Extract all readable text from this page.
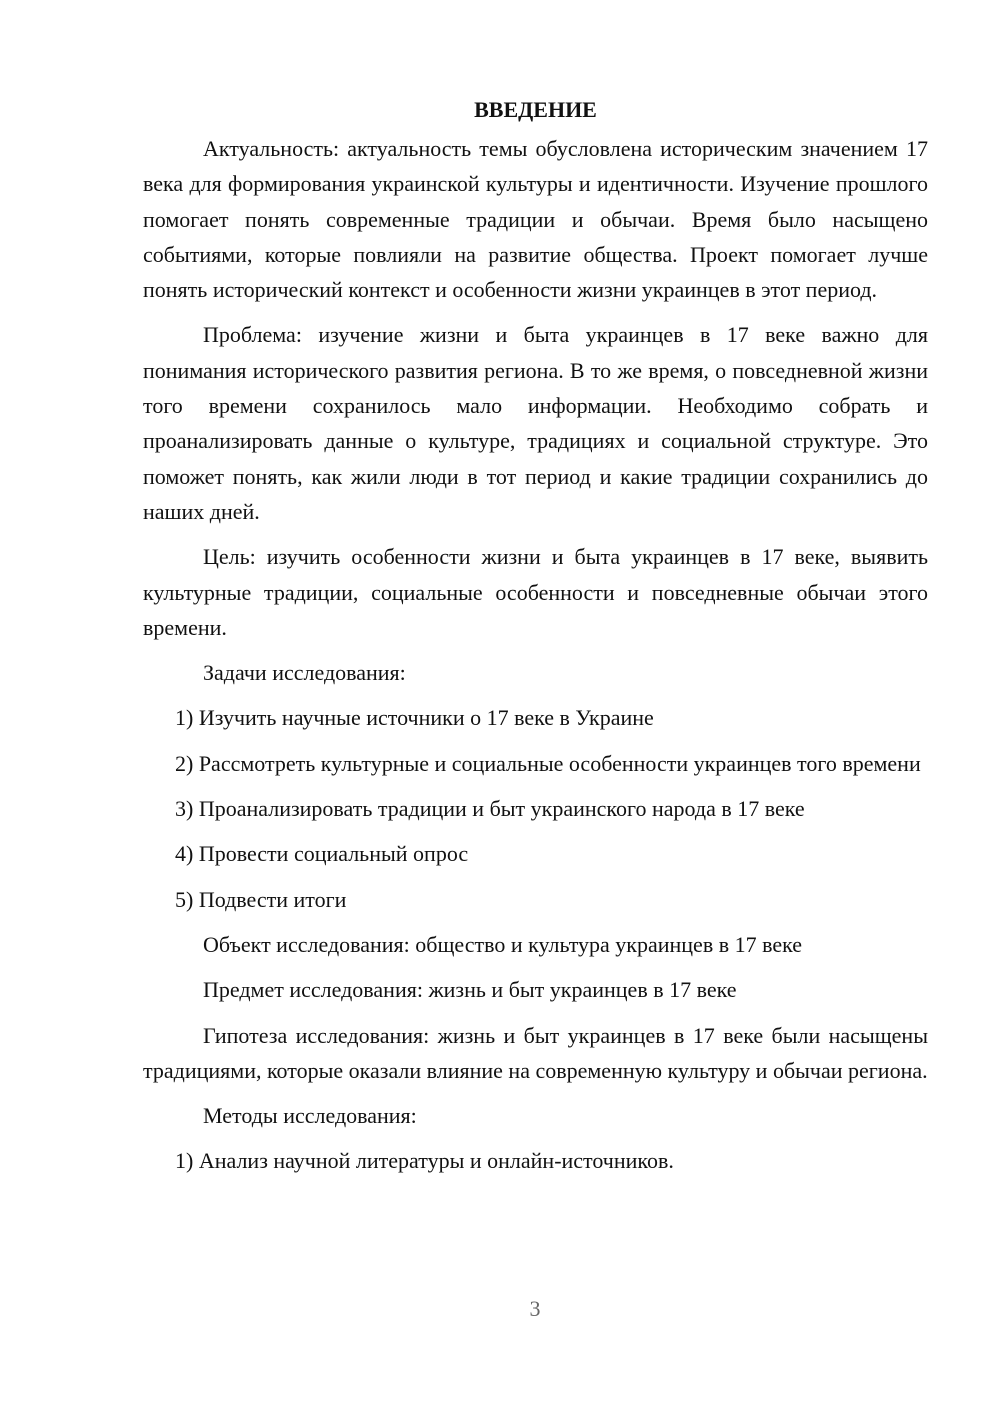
ВВЕДЕНИЕ

Актуальность: актуальность темы обусловлена историческим значением 17 века для формирования украинской культуры и идентичности. Изучение прошлого помогает понять современные традиции и обычаи. Время было насыщено событиями, которые повлияли на развитие общества. Проект помогает лучше понять исторический контекст и особенности жизни украинцев в этот период.

Проблема: изучение жизни и быта украинцев в 17 веке важно для понимания исторического развития региона. В то же время, о повседневной жизни того времени сохранилось мало информации. Необходимо собрать и проанализировать данные о культуре, традициях и социальной структуре. Это поможет понять, как жили люди в тот период и какие традиции сохранились до наших дней.

Цель: изучить особенности жизни и быта украинцев в 17 веке, выявить культурные традиции, социальные особенности и повседневные обычаи этого времени.

Задачи исследования:

1) Изучить научные источники о 17 веке в Украине

2) Рассмотреть культурные и социальные особенности украинцев того времени

3) Проанализировать традиции и быт украинского народа в 17 веке

4) Провести социальный опрос

5) Подвести итоги

Объект исследования: общество и культура украинцев в 17 веке

Предмет исследования: жизнь и быт украинцев в 17 веке

Гипотеза исследования: жизнь и быт украинцев в 17 веке были насыщены традициями, которые оказали влияние на современную культуру и обычаи региона.

Методы исследования:

1) Анализ научной литературы и онлайн-источников.

3
